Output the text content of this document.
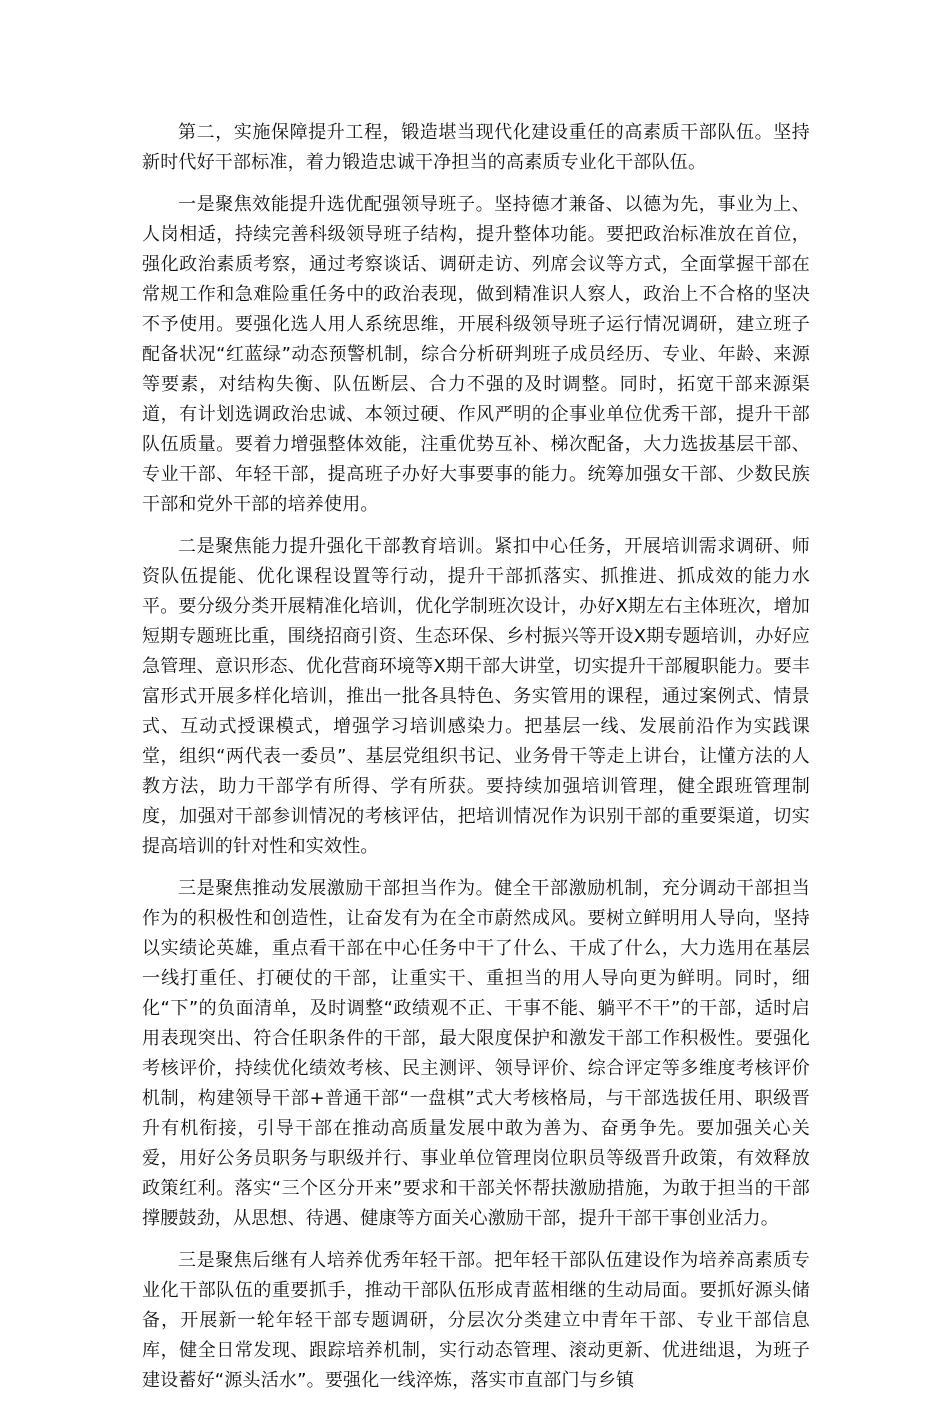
第二，实施保障提升工程，锻造堪当现代化建设重任的高素质干部队伍。坚持新时代好干部标准，着力锻造忠诚干净担当的高素质专业化干部队伍。

一是聚焦效能提升选优配强领导班子。坚持德才兼备、以德为先，事业为上、人岗相适，持续完善科级领导班子结构，提升整体功能。要把政治标准放在首位，强化政治素质考察，通过考察谈话、调研走访、列席会议等方式，全面掌握干部在常规工作和急难险重任务中的政治表现，做到精准识人察人，政治上不合格的坚决不予使用。要强化选人用人系统思维，开展科级领导班子运行情况调研，建立班子配备状况“红蓝绿”动态预警机制，综合分析研判班子成员经历、专业、年龄、来源等要素，对结构失衡、队伍断层、合力不强的及时调整。同时，拓宽干部来源渠道，有计划选调政治忠诚、本领过硬、作风严明的企事业单位优秀干部，提升干部队伍质量。要着力增强整体效能，注重优势互补、梯次配备，大力选拔基层干部、专业干部、年轻干部，提高班子办好大事要事的能力。统筹加强女干部、少数民族干部和党外干部的培养使用。

二是聚焦能力提升强化干部教育培训。紧扣中心任务，开展培训需求调研、师资队伍提能、优化课程设置等行动，提升干部抓落实、抓推进、抓成效的能力水平。要分级分类开展精准化培训，优化学制班次设计，办好X期左右主体班次，增加短期专题班比重，围绕招商引资、生态环保、乡村振兴等开设X期专题培训，办好应急管理、意识形态、优化营商环境等X期干部大讲堂，切实提升干部履职能力。要丰富形式开展多样化培训，推出一批各具特色、务实管用的课程，通过案例式、情景式、互动式授课模式，增强学习培训感染力。把基层一线、发展前沿作为实践课堂，组织“两代表一委员”、基层党组织书记、业务骨干等走上讲台，让懂方法的人教方法，助力干部学有所得、学有所获。要持续加强培训管理，健全跟班管理制度，加强对干部参训情况的考核评估，把培训情况作为识别干部的重要渠道，切实提高培训的针对性和实效性。

三是聚焦推动发展激励干部担当作为。健全干部激励机制，充分调动干部担当作为的积极性和创造性，让奋发有为在全市蔚然成风。要树立鲜明用人导向，坚持以实绩论英雄，重点看干部在中心任务中干了什么、干成了什么，大力选用在基层一线打重任、打硬仗的干部，让重实干、重担当的用人导向更为鲜明。同时，细化“下”的负面清单，及时调整“政绩观不正、干事不能、躺平不干”的干部，适时启用表现突出、符合任职条件的干部，最大限度保护和激发干部工作积极性。要强化考核评价，持续优化绩效考核、民主测评、领导评价、综合评定等多维度考核评价机制，构建领导干部+普通干部“一盘棋”式大考核格局，与干部选拔任用、职级晋升有机衔接，引导干部在推动高质量发展中敢为善为、奋勇争先。要加强关心关爱，用好公务员职务与职级并行、事业单位管理岗位职员等级晋升政策，有效释放政策红利。落实“三个区分开来”要求和干部关怀帮扶激励措施，为敢于担当的干部撑腰鼓劲，从思想、待遇、健康等方面关心激励干部，提升干部干事创业活力。

三是聚焦后继有人培养优秀年轻干部。把年轻干部队伍建设作为培养高素质专业化干部队伍的重要抓手，推动干部队伍形成青蓝相继的生动局面。要抓好源头储备，开展新一轮年轻干部专题调研，分层次分类建立中青年干部、专业干部信息库，健全日常发现、跟踪培养机制，实行动态管理、滚动更新、优进绌退，为班子建设蓄好“源头活水”。要强化一线淬炼，落实市直部门与乡镇
